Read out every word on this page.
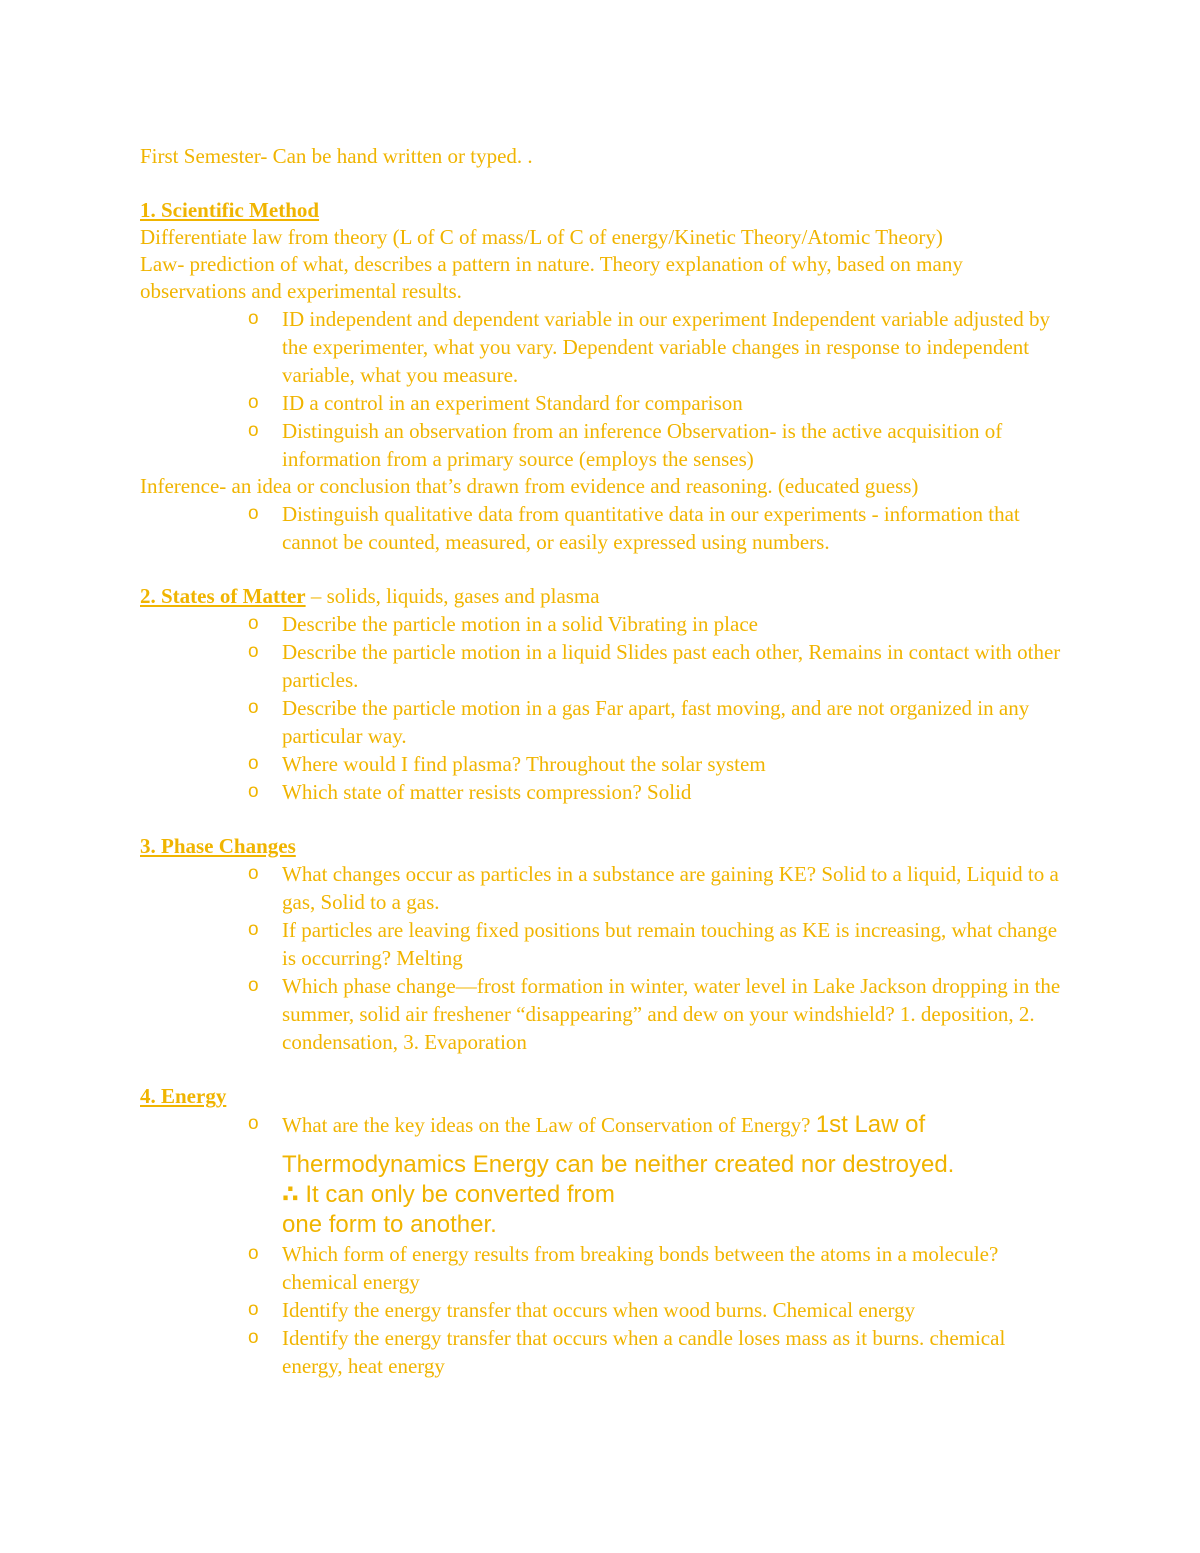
First Semester- Can be hand written or typed. .
1. Scientific Method
Differentiate law from theory (L of C of mass/L of C of energy/Kinetic Theory/Atomic Theory)
Law- prediction of what, describes a pattern in nature. Theory explanation of why, based on many observations and experimental results.
o ID independent and dependent variable in our experiment Independent variable adjusted by the experimenter, what you vary. Dependent variable changes in response to independent variable, what you measure.
o ID a control in an experiment Standard for comparison
o Distinguish an observation from an inference Observation- is the active acquisition of information from a primary source (employs the senses)
Inference- an idea or conclusion that’s drawn from evidence and reasoning. (educated guess)
o Distinguish qualitative data from quantitative data in our experiments - information that cannot be counted, measured, or easily expressed using numbers.
2. States of Matter – solids, liquids, gases and plasma
o Describe the particle motion in a solid Vibrating in place
o Describe the particle motion in a liquid Slides past each other, Remains in contact with other particles.
o Describe the particle motion in a gas Far apart, fast moving, and are not organized in any particular way.
o Where would I find plasma? Throughout the solar system
o Which state of matter resists compression? Solid
3. Phase Changes
o What changes occur as particles in a substance are gaining KE? Solid to a liquid, Liquid to a gas, Solid to a gas.
o If particles are leaving fixed positions but remain touching as KE is increasing, what change is occurring? Melting
o Which phase change—frost formation in winter, water level in Lake Jackson dropping in the summer, solid air freshener “disappearing” and dew on your windshield? 1. deposition, 2. condensation, 3. Evaporation
4. Energy
o What are the key ideas on the Law of Conservation of Energy? 1st Law of
Thermodynamics Energy can be neither created nor destroyed.
∴ It can only be converted from
one form to another.
o Which form of energy results from breaking bonds between the atoms in a molecule? chemical energy
o Identify the energy transfer that occurs when wood burns. Chemical energy
o Identify the energy transfer that occurs when a candle loses mass as it burns. chemical energy, heat energy
